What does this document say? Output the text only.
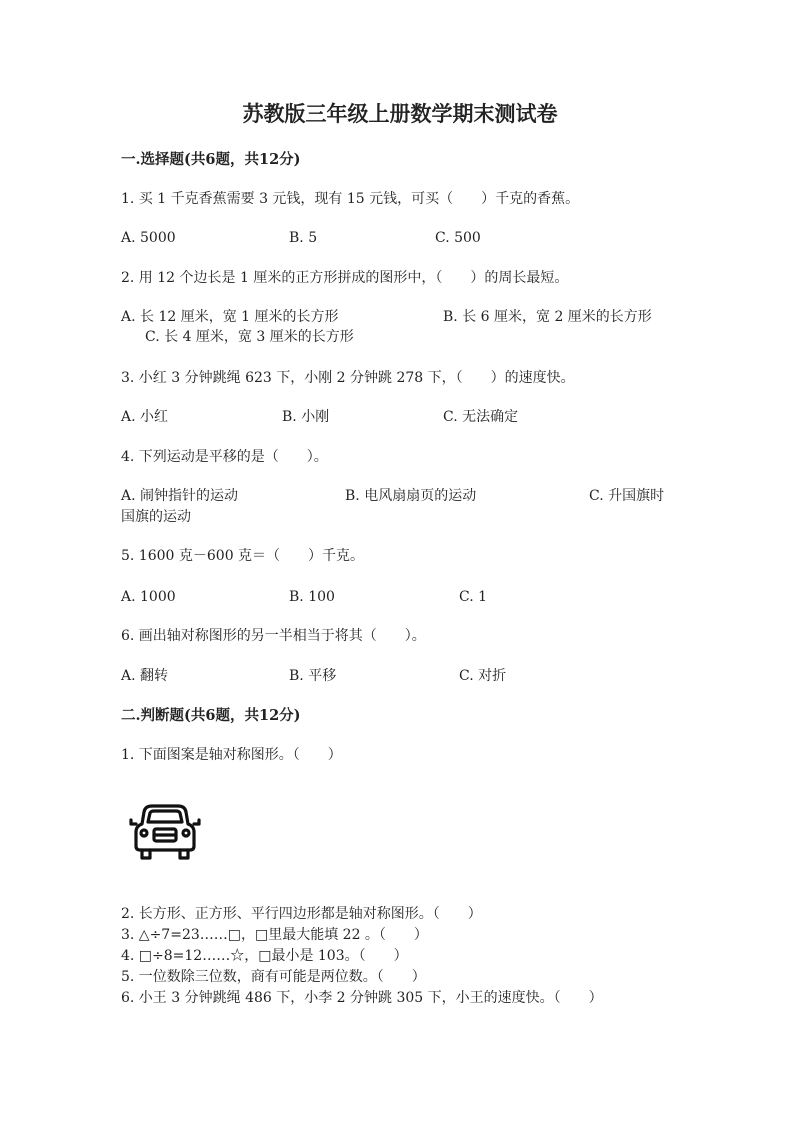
苏教版三年级上册数学期末测试卷
一.选择题(共6题，共12分)
1. 买 1 千克香蕉需要 3 元钱，现有 15 元钱，可买（　　）千克的香蕉。
A. 5000	B. 5	C. 500
2. 用 12 个边长是 1 厘米的正方形拼成的图形中，（　　）的周长最短。
A. 长 12 厘米，宽 1 厘米的长方形	B. 长 6 厘米，宽 2 厘米的长方形
C. 长 4 厘米，宽 3 厘米的长方形
3. 小红 3 分钟跳绳 623 下，小刚 2 分钟跳 278 下，（　　）的速度快。
A. 小红	B. 小刚	C. 无法确定
4. 下列运动是平移的是（　　）。
A. 闹钟指针的运动	B. 电风扇扇页的运动	C. 升国旗时
国旗的运动
5. 1600 克－600 克＝（　　）千克。
A. 1000	B. 100	C. 1
6. 画出轴对称图形的另一半相当于将其（　　）。
A. 翻转	B. 平移	C. 对折
二.判断题(共6题，共12分)
1. 下面图案是轴对称图形。（　　）
2. 长方形、正方形、平行四边形都是轴对称图形。（　　）
3. △÷7=23……□，□里最大能填 22 。（　　）
4. □÷8=12……☆，□最小是 103。（　　）
5. 一位数除三位数，商有可能是两位数。（　　）
6. 小王 3 分钟跳绳 486 下，小李 2 分钟跳 305 下，小王的速度快。（　　）
